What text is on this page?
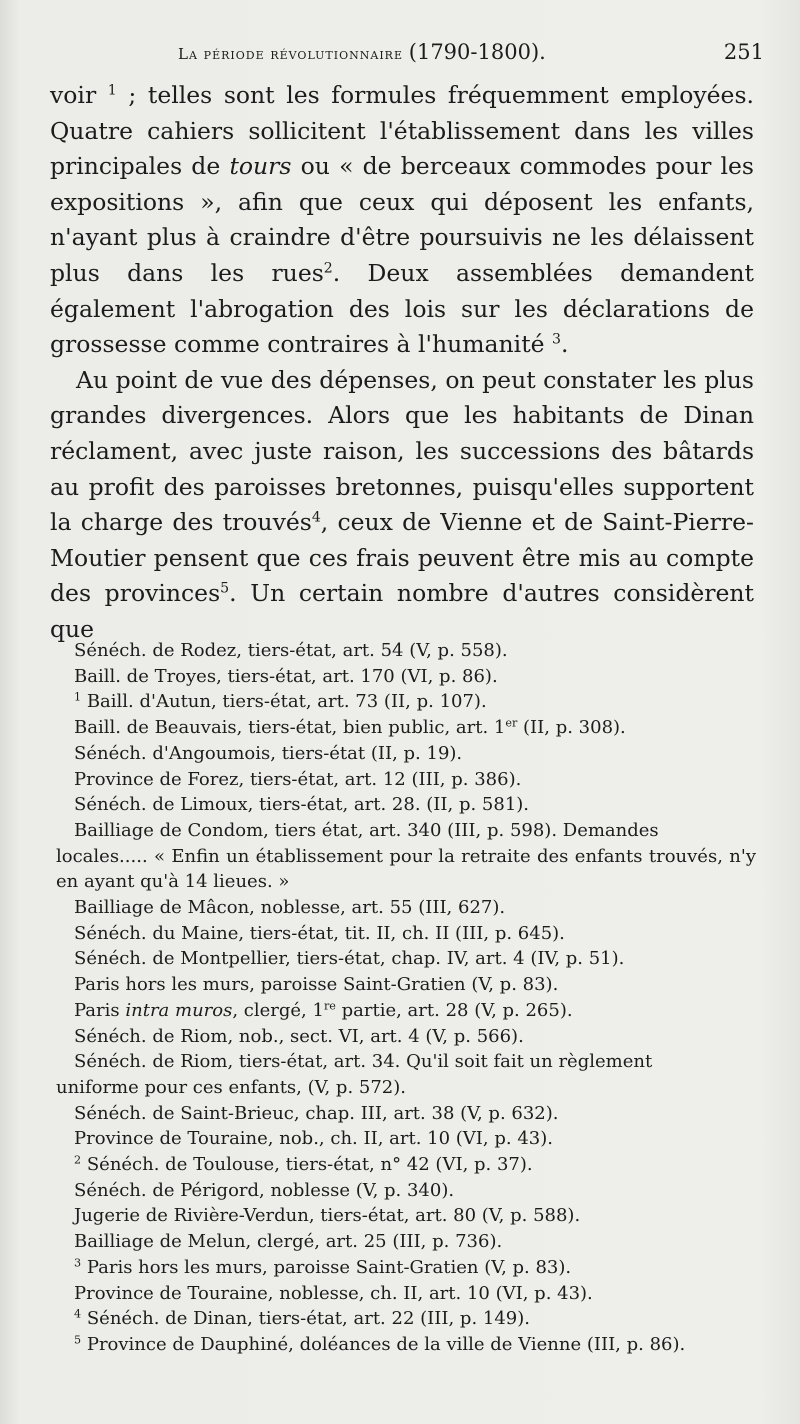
La période révolutionnaire (1790-1800).	251

voir $^1$ ; telles sont les formules fréquemment employées. Quatre cahiers sollicitent l'établissement dans les villes principales de tours ou « de berceaux commodes pour les expositions », afin que ceux qui déposent les enfants, n'ayant plus à craindre d'être poursuivis ne les délaissent plus dans les rues$^2$. Deux assemblées demandent également l'abrogation des lois sur les déclarations de grossesse comme contraires à l'humanité $^3$.

Au point de vue des dépenses, on peut constater les plus grandes divergences. Alors que les habitants de Dinan réclament, avec juste raison, les successions des bâtards au profit des paroisses bretonnes, puisqu'elles supportent la charge des trouvés$^4$, ceux de Vienne et de Saint-Pierre-Moutier pensent que ces frais peuvent être mis au compte des provinces$^5$. Un certain nombre d'autres considèrent que

Sénéch. de Rodez, tiers-état, art. 54 (V, p. 558).

Baill. de Troyes, tiers-état, art. 170 (VI, p. 86).

$^1$ Baill. d'Autun, tiers-état, art. 73 (II, p. 107).

Baill. de Beauvais, tiers-état, bien public, art. 1er (II, p. 308).

Sénéch. d'Angoumois, tiers-état (II, p. 19).

Province de Forez, tiers-état, art. 12 (III, p. 386).

Sénéch. de Limoux, tiers-état, art. 28. (II, p. 581).

Bailliage de Condom, tiers état, art. 340 (III, p. 598). Demandes

locales..... « Enfin un établissement pour la retraite des enfants trouvés, n'y en ayant qu'à 14 lieues. »

Bailliage de Mâcon, noblesse, art. 55 (III, 627).

Sénéch. du Maine, tiers-état, tit. II, ch. II (III, p. 645).

Sénéch. de Montpellier, tiers-état, chap. IV, art. 4 (IV, p. 51).

Paris hors les murs, paroisse Saint-Gratien (V, p. 83).

Paris intra muros, clergé, 1re partie, art. 28 (V, p. 265).

Sénéch. de Riom, nob., sect. VI, art. 4 (V, p. 566).

Sénéch. de Riom, tiers-état, art. 34. Qu'il soit fait un règlement

uniforme pour ces enfants, (V, p. 572).

Sénéch. de Saint-Brieuc, chap. III, art. 38 (V, p. 632).

Province de Touraine, nob., ch. II, art. 10 (VI, p. 43).

$^2$ Sénéch. de Toulouse, tiers-état, n° 42 (VI, p. 37).

Sénéch. de Périgord, noblesse (V, p. 340).

Jugerie de Rivière-Verdun, tiers-état, art. 80 (V, p. 588).

Bailliage de Melun, clergé, art. 25 (III, p. 736).

$^3$ Paris hors les murs, paroisse Saint-Gratien (V, p. 83).

Province de Touraine, noblesse, ch. II, art. 10 (VI, p. 43).

$^4$ Sénéch. de Dinan, tiers-état, art. 22 (III, p. 149).

$^5$ Province de Dauphiné, doléances de la ville de Vienne (III, p. 86).
